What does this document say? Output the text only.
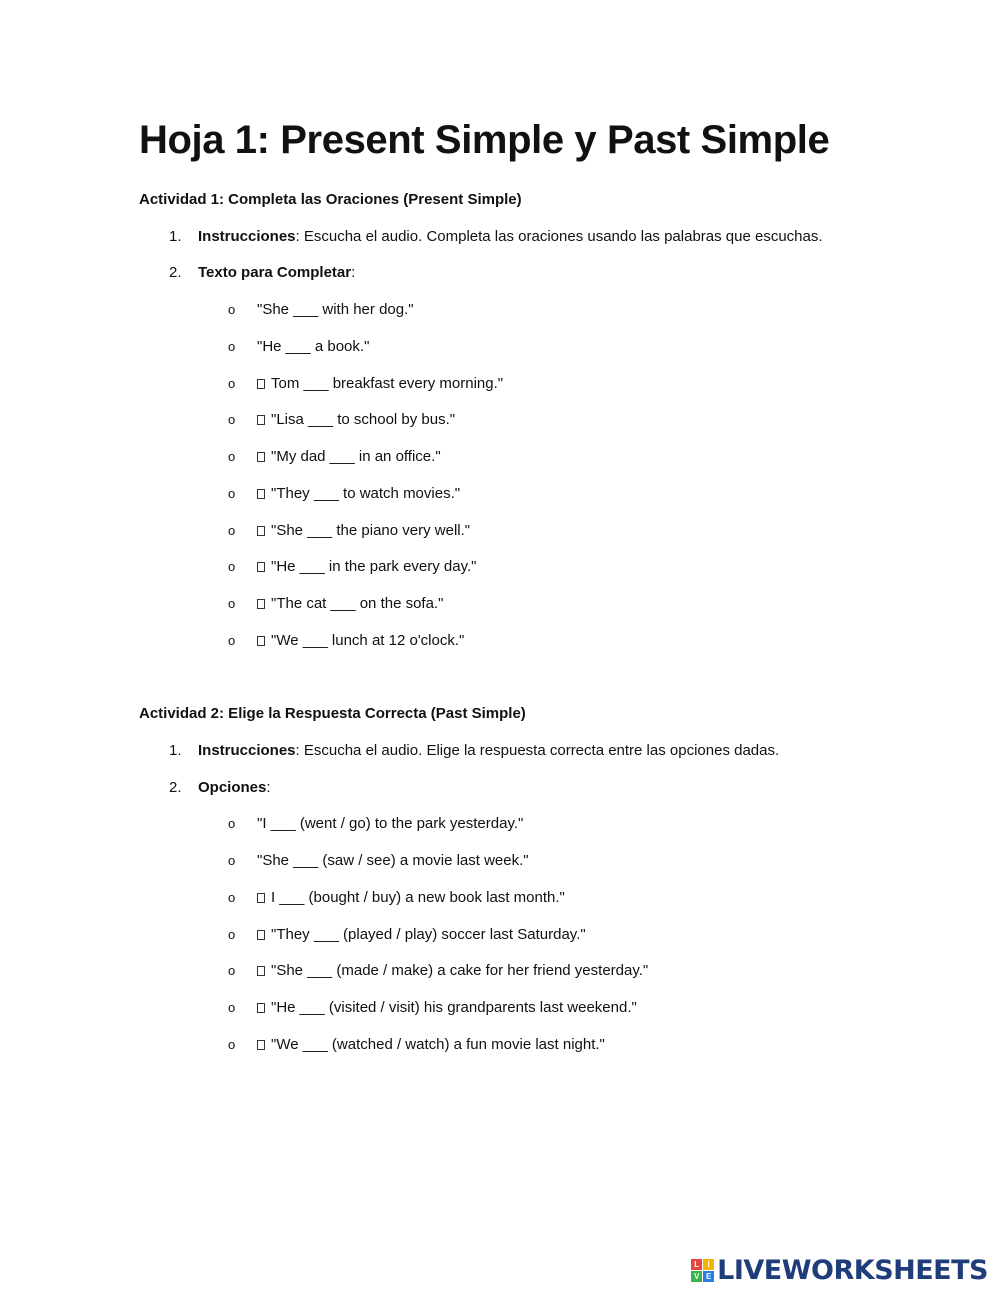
Hoja 1: Present Simple y Past Simple
Actividad 1: Completa las Oraciones (Present Simple)
1. Instrucciones: Escucha el audio. Completa las oraciones usando las palabras que escuchas.
2. Texto para Completar:
o "She ___ with her dog."
o "He ___ a book."
o Tom ___ breakfast every morning."
o "Lisa ___ to school by bus."
o "My dad ___ in an office."
o "They ___ to watch movies."
o "She ___ the piano very well."
o "He ___ in the park every day."
o "The cat ___ on the sofa."
o "We ___ lunch at 12 o'clock."
Actividad 2: Elige la Respuesta Correcta (Past Simple)
1. Instrucciones: Escucha el audio. Elige la respuesta correcta entre las opciones dadas.
2. Opciones:
o "I ___ (went / go) to the park yesterday."
o "She ___ (saw / see) a movie last week."
o I ___ (bought / buy) a new book last month."
o "They ___ (played / play) soccer last Saturday."
o "She ___ (made / make) a cake for her friend yesterday."
o "He ___ (visited / visit) his grandparents last weekend."
o "We ___ (watched / watch) a fun movie last night."
L	I
V E LIVEWORKSHEETS
